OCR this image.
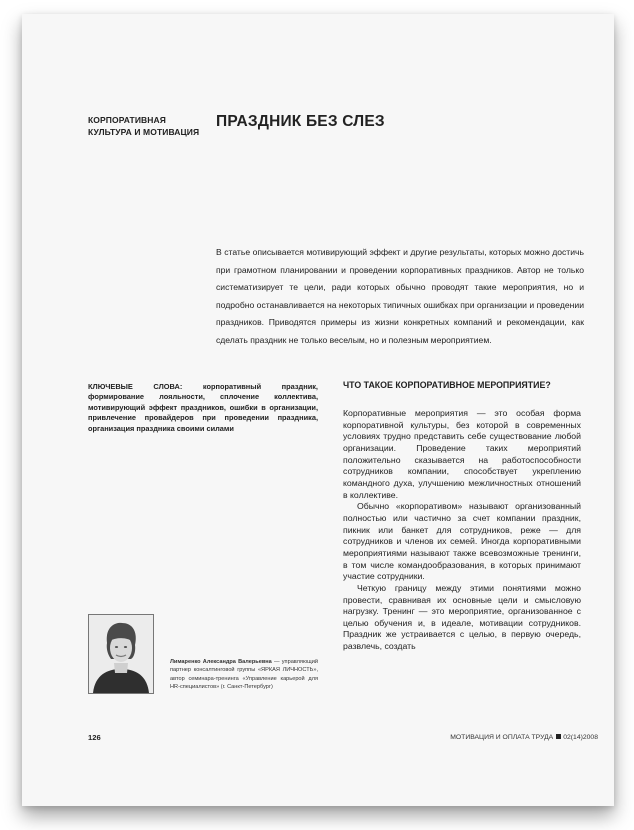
КОРПОРАТИВНАЯ
КУЛЬТУРА И МОТИВАЦИЯ
ПРАЗДНИК БЕЗ СЛЕЗ

В статье описывается мотивирующий эффект и другие результаты, которых можно достичь при грамотном планировании и проведении корпоративных праздников. Автор не только систематизирует те цели, ради которых обычно проводят такие мероприятия, но и подробно останавливается на некоторых типичных ошибках при организации и проведении праздников. Приводятся примеры из жизни конкретных компаний и рекомендации, как сделать праздник не только веселым, но и полезным мероприятием.

КЛЮЧЕВЫЕ СЛОВА: корпоративный праздник, формирование лояльности, сплочение коллектива, мотивирующий эффект праздников, ошибки в организации, привлечение провайдеров при проведении праздника, организация праздника своими силами
ЧТО ТАКОЕ КОРПОРАТИВНОЕ МЕРОПРИЯТИЕ?

Корпоративные мероприятия — это особая форма корпоративной культуры, без которой в современных условиях трудно представить себе существование любой организации. Проведение таких мероприятий положительно сказывается на работоспособности сотрудников компании, способствует укреплению командного духа, улучшению межличностных отношений в коллективе.

Обычно «корпоративом» называют организованный полностью или частично за счет компании праздник, пикник или банкет для сотрудников, реже — для сотрудников и членов их семей. Иногда корпоративными мероприятиями называют также всевозможные тренинги, в том числе командообразования, в которых принимают участие сотрудники.

Четкую границу между этими понятиями можно провести, сравнивая их основные цели и смысловую нагрузку. Тренинг — это мероприятие, организованное с целью обучения и, в идеале, мотивации сотрудников. Праздник же устраивается с целью, в первую очередь, развлечь, создать

Лимаренко Александра Валерьевна — управляющий партнер консалтинговой группы «ЯРКАЯ ЛИЧНОСТЬ», автор семинара-тренинга «Управление карьерой для HR-специалистов» (г. Санкт-Петербург)
126	МОТИВАЦИЯ И ОПЛАТА ТРУДА 02(14)2008
